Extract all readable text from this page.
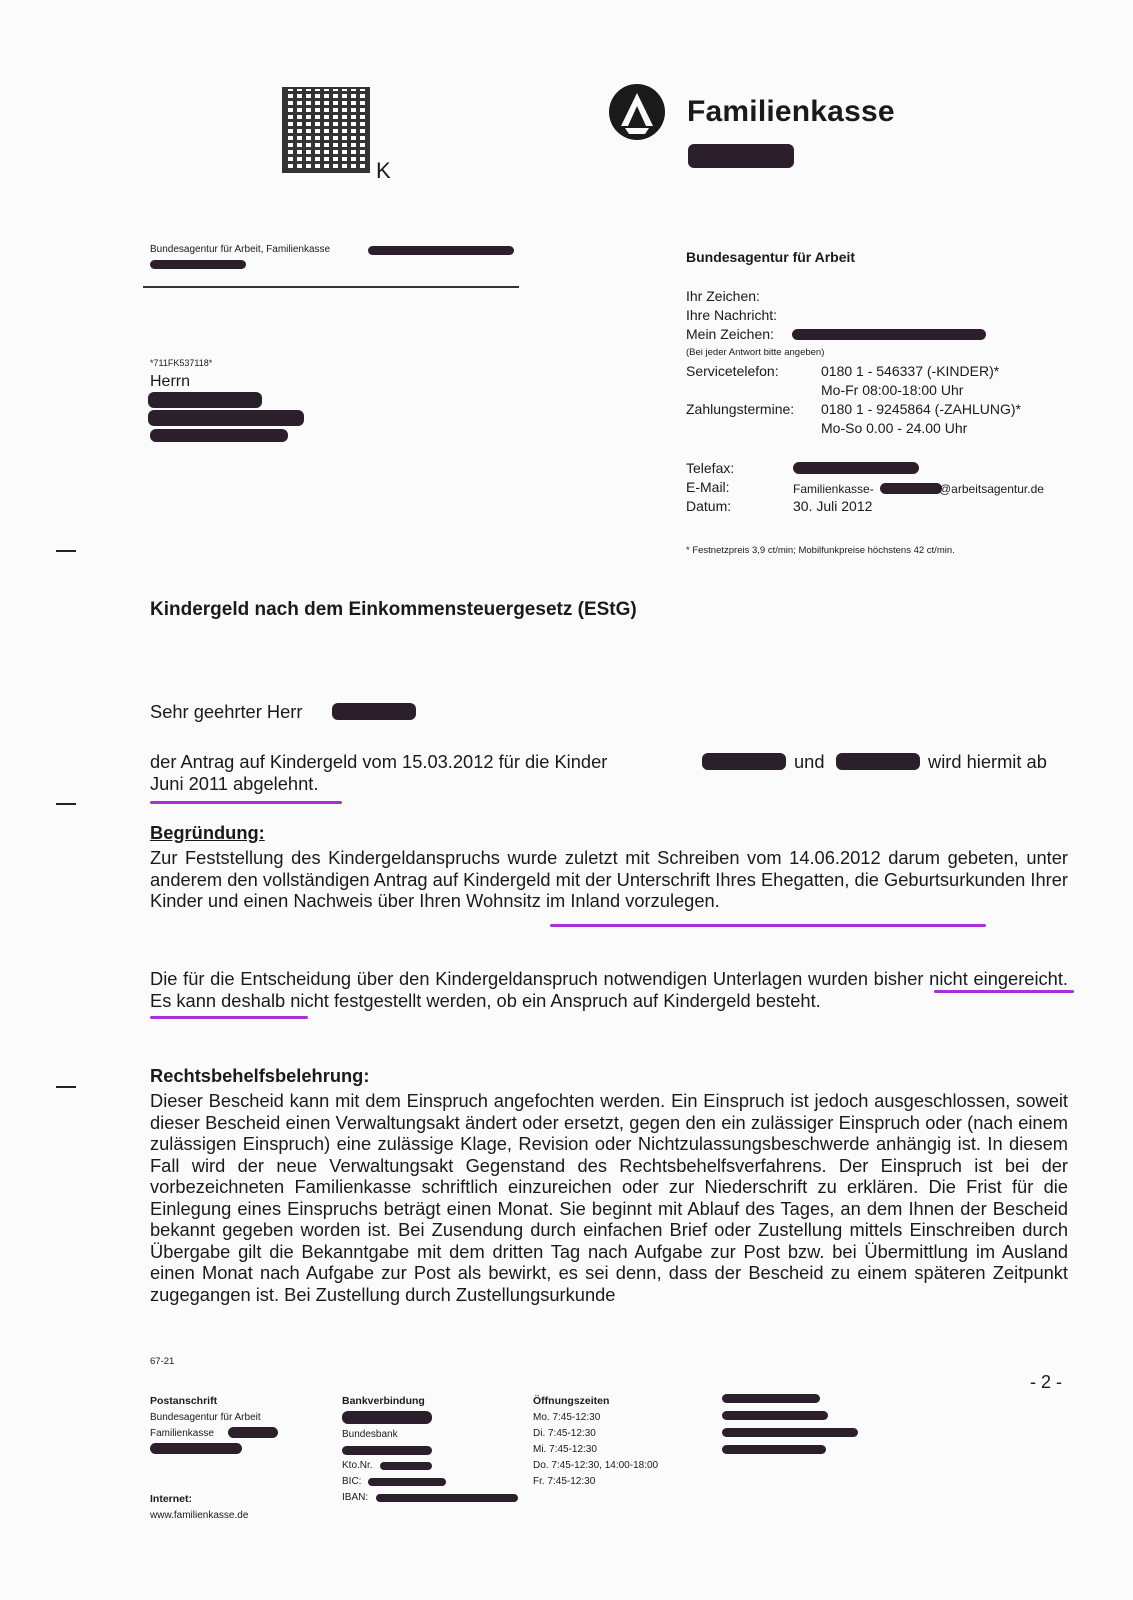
K
Familienkasse
Bundesagentur für Arbeit, Familienkasse
*711FK537118*
Herrn
Bundesagentur für Arbeit
Ihr Zeichen:
Ihre Nachricht:
Mein Zeichen:
(Bei jeder Antwort bitte angeben)
Servicetelefon:	0180 1 - 546337 (-KINDER)*
Mo-Fr 08:00-18:00 Uhr
Zahlungstermine: 0180 1 - 9245864 (-ZAHLUNG)*
Mo-So 0.00 - 24.00 Uhr
Telefax:
E-Mail:	Familienkasse-	@arbeitsagentur.de
Datum:	30. Juli 2012
* Festnetzpreis 3,9 ct/min; Mobilfunkpreise höchstens 42 ct/min.
Kindergeld nach dem Einkommensteuergesetz (EStG)
Sehr geehrter Herr
der Antrag auf Kindergeld vom 15.03.2012 für die Kinder	und	wird hiermit ab
Juni 2011 abgelehnt.
Begründung:
Zur Feststellung des Kindergeldanspruchs wurde zuletzt mit Schreiben vom 14.06.2012 darum gebeten, unter anderem den vollständigen Antrag auf Kindergeld mit der Unterschrift Ihres Ehegatten, die Geburtsurkunden Ihrer Kinder und einen Nachweis über Ihren Wohnsitz im Inland vorzulegen.
Die für die Entscheidung über den Kindergeldanspruch notwendigen Unterlagen wurden bisher nicht eingereicht. Es kann deshalb nicht festgestellt werden, ob ein Anspruch auf Kindergeld besteht.
Rechtsbehelfsbelehrung:
Dieser Bescheid kann mit dem Einspruch angefochten werden. Ein Einspruch ist jedoch ausgeschlossen, soweit dieser Bescheid einen Verwaltungsakt ändert oder ersetzt, gegen den ein zulässiger Einspruch oder (nach einem zulässigen Einspruch) eine zulässige Klage, Revision oder Nichtzulassungsbeschwerde anhängig ist. In diesem Fall wird der neue Verwaltungsakt Gegenstand des Rechtsbehelfsverfahrens. Der Einspruch ist bei der vorbezeichneten Familienkasse schriftlich einzureichen oder zur Niederschrift zu erklären. Die Frist für die Einlegung eines Einspruchs beträgt einen Monat. Sie beginnt mit Ablauf des Tages, an dem Ihnen der Bescheid bekannt gegeben worden ist. Bei Zusendung durch einfachen Brief oder Zustellung mittels Einschreiben durch Übergabe gilt die Bekanntgabe mit dem dritten Tag nach Aufgabe zur Post bzw. bei Übermittlung im Ausland einen Monat nach Aufgabe zur Post als bewirkt, es sei denn, dass der Bescheid zu einem späteren Zeitpunkt zugegangen ist. Bei Zustellung durch Zustellungsurkunde
67-21
- 2 -
Postanschrift
Bundesagentur für Arbeit
Familienkasse
Internet:
www.familienkasse.de
Bankverbindung
Bundesbank
Kto.Nr.
BIC:
IBAN:
Öffnungszeiten
Mo. 7:45-12:30
Di. 7:45-12:30
Mi. 7:45-12:30
Do. 7:45-12:30, 14:00-18:00
Fr. 7:45-12:30
